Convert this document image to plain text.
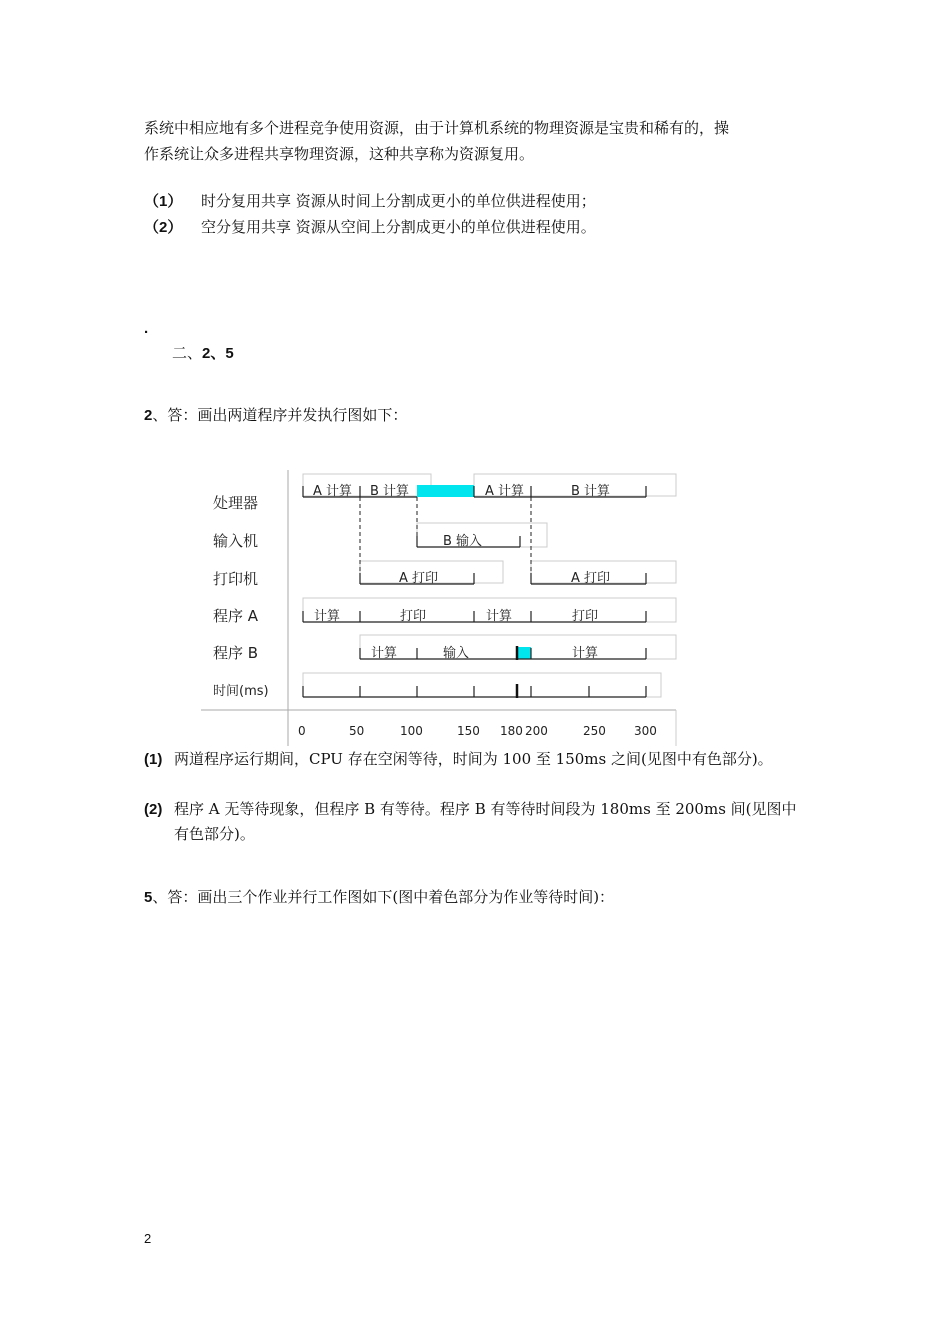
系统中相应地有多个进程竞争使用资源，由于计算机系统的物理资源是宝贵和稀有的，操
作系统让众多进程共享物理资源，这种共享称为资源复用。
（1） 时分复用共享 资源从时间上分割成更小的单位供进程使用；
（2） 空分复用共享 资源从空间上分割成更小的单位供进程使用。
.
二、2、5
2、答：画出两道程序并发执行图如下：
处理器
输入机
打印机
程序 A
程序 B
时间(ms)
A 计算 B 计算	A 计算	B 计算
B 输入
A 打印	A 打印
计算	打印	计算	打印
计算	输入	计算
0	50	100	150 180 200	250 300
(1) 两道程序运行期间，CPU 存在空闲等待，时间为 100 至 150ms 之间(见图中有色部分)。
(2) 程序 A 无等待现象，但程序 B 有等待。程序 B 有等待时间段为 180ms 至 200ms 间(见图中有色部分)。
5、答：画出三个作业并行工作图如下(图中着色部分为作业等待时间)：
2
